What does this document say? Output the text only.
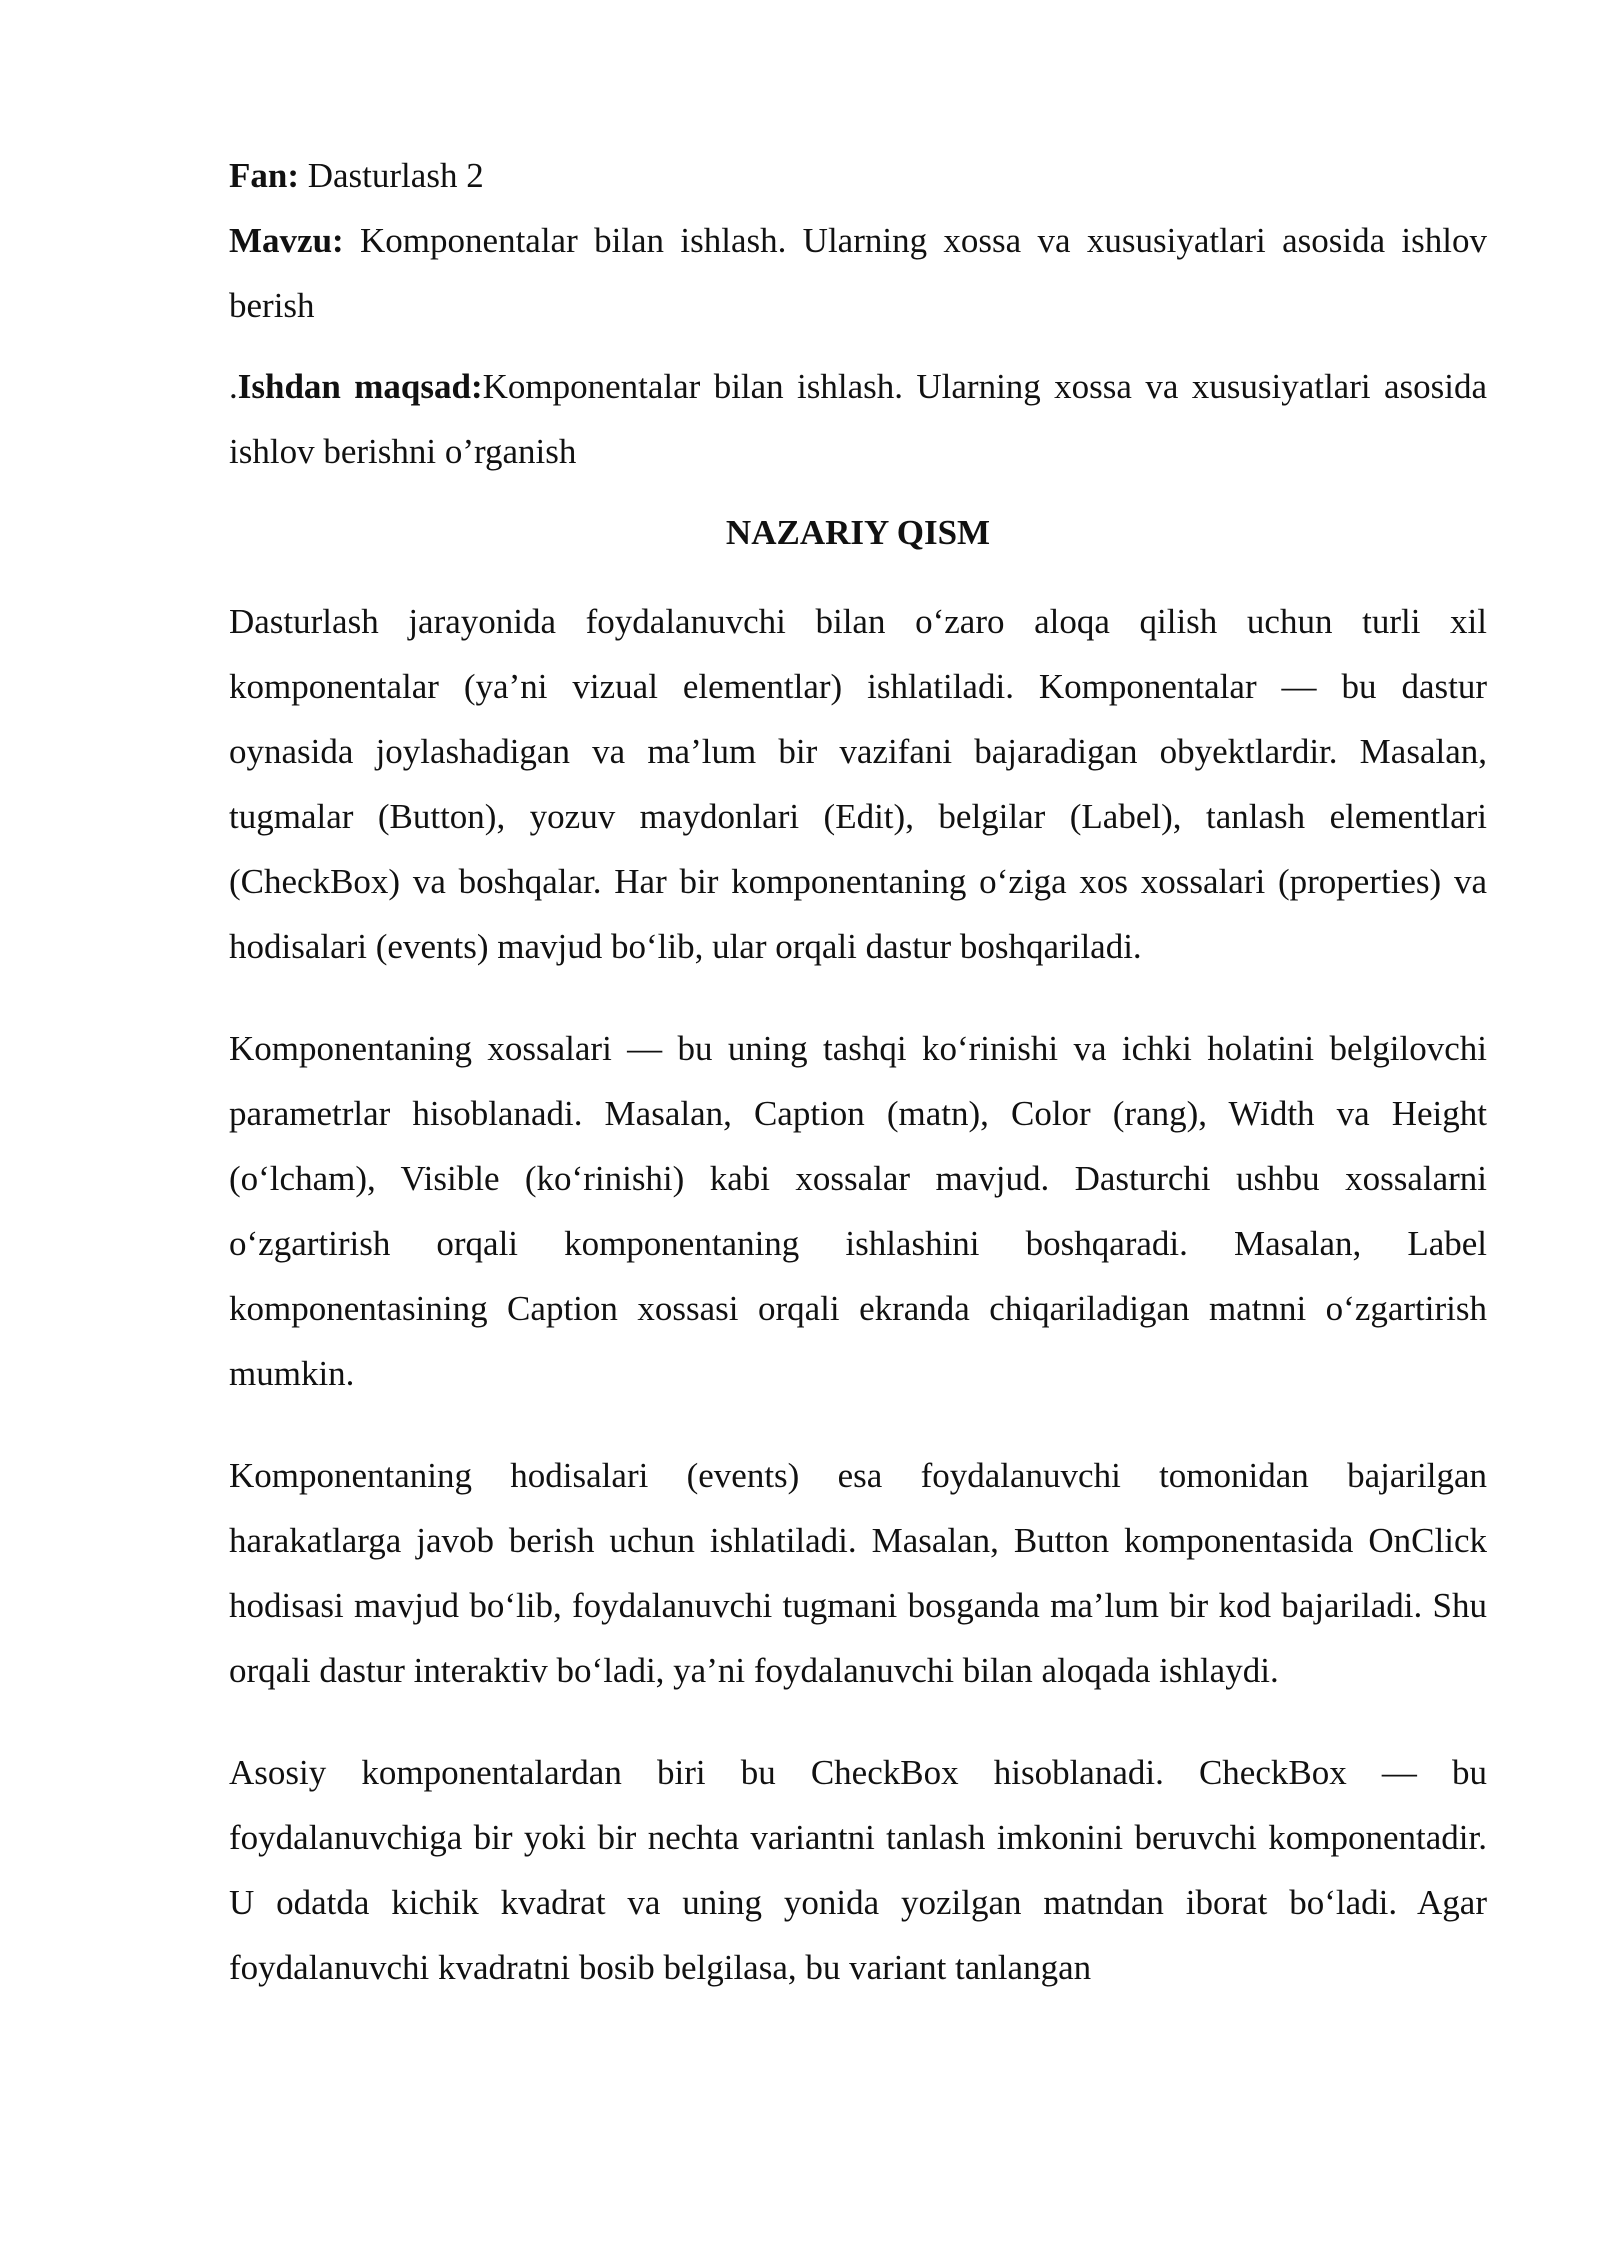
Fan: Dasturlash 2

Mavzu: Komponentalar bilan ishlash. Ularning xossa va xususiyatlari asosida ishlov berish

.Ishdan maqsad:Komponentalar bilan ishlash. Ularning xossa va xususiyatlari asosida ishlov berishni o’rganish

NAZARIY QISM

Dasturlash jarayonida foydalanuvchi bilan o‘zaro aloqa qilish uchun turli xil komponentalar (ya’ni vizual elementlar) ishlatiladi. Komponentalar — bu dastur oynasida joylashadigan va ma’lum bir vazifani bajaradigan obyektlardir. Masalan, tugmalar (Button), yozuv maydonlari (Edit), belgilar (Label), tanlash elementlari (CheckBox) va boshqalar. Har bir komponentaning o‘ziga xos xossalari (properties) va hodisalari (events) mavjud bo‘lib, ular orqali dastur boshqariladi.

Komponentaning xossalari — bu uning tashqi ko‘rinishi va ichki holatini belgilovchi parametrlar hisoblanadi. Masalan, Caption (matn), Color (rang), Width va Height (o‘lcham), Visible (ko‘rinishi) kabi xossalar mavjud. Dasturchi ushbu xossalarni o‘zgartirish orqali komponentaning ishlashini boshqaradi. Masalan, Label komponentasining Caption xossasi orqali ekranda chiqariladigan matnni o‘zgartirish mumkin.

Komponentaning hodisalari (events) esa foydalanuvchi tomonidan bajarilgan harakatlarga javob berish uchun ishlatiladi. Masalan, Button komponentasida OnClick hodisasi mavjud bo‘lib, foydalanuvchi tugmani bosganda ma’lum bir kod bajariladi. Shu orqali dastur interaktiv bo‘ladi, ya’ni foydalanuvchi bilan aloqada ishlaydi.

Asosiy komponentalardan biri bu CheckBox hisoblanadi. CheckBox — bu foydalanuvchiga bir yoki bir nechta variantni tanlash imkonini beruvchi komponentadir. U odatda kichik kvadrat va uning yonida yozilgan matndan iborat bo‘ladi. Agar foydalanuvchi kvadratni bosib belgilasa, bu variant tanlangan
